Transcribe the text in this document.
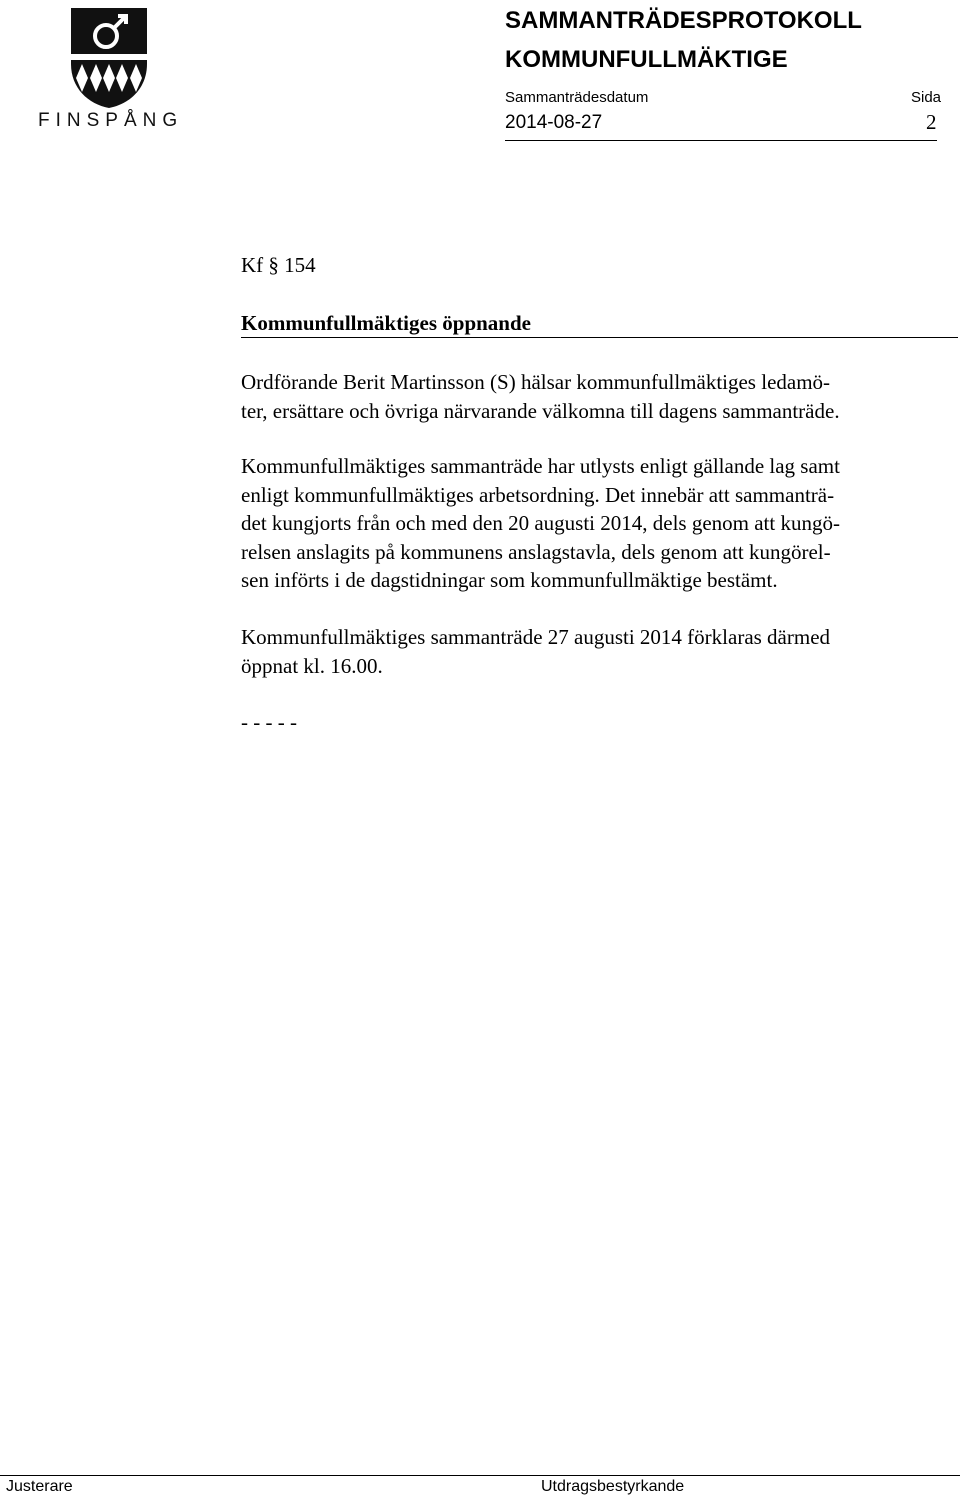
FINSPÅNG
SAMMANTRÄDESPROTOKOLL
KOMMUNFULLMÄKTIGE
Sammanträdesdatum	Sida
2014-08-27	2
Kf § 154
Kommunfullmäktiges öppnande
Ordförande Berit Martinsson (S) hälsar kommunfullmäktiges ledamö-
ter, ersättare och övriga närvarande välkomna till dagens sammanträde.
Kommunfullmäktiges sammanträde har utlysts enligt gällande lag samt
enligt kommunfullmäktiges arbetsordning. Det innebär att sammanträ-
det kungjorts från och med den 20 augusti 2014, dels genom att kungö-
relsen anslagits på kommunens anslagstavla, dels genom att kungörel-
sen införts i de dagstidningar som kommunfullmäktige bestämt.
Kommunfullmäktiges sammanträde 27 augusti 2014 förklaras därmed
öppnat kl. 16.00.
- - - - -
Justerare	Utdragsbestyrkande
